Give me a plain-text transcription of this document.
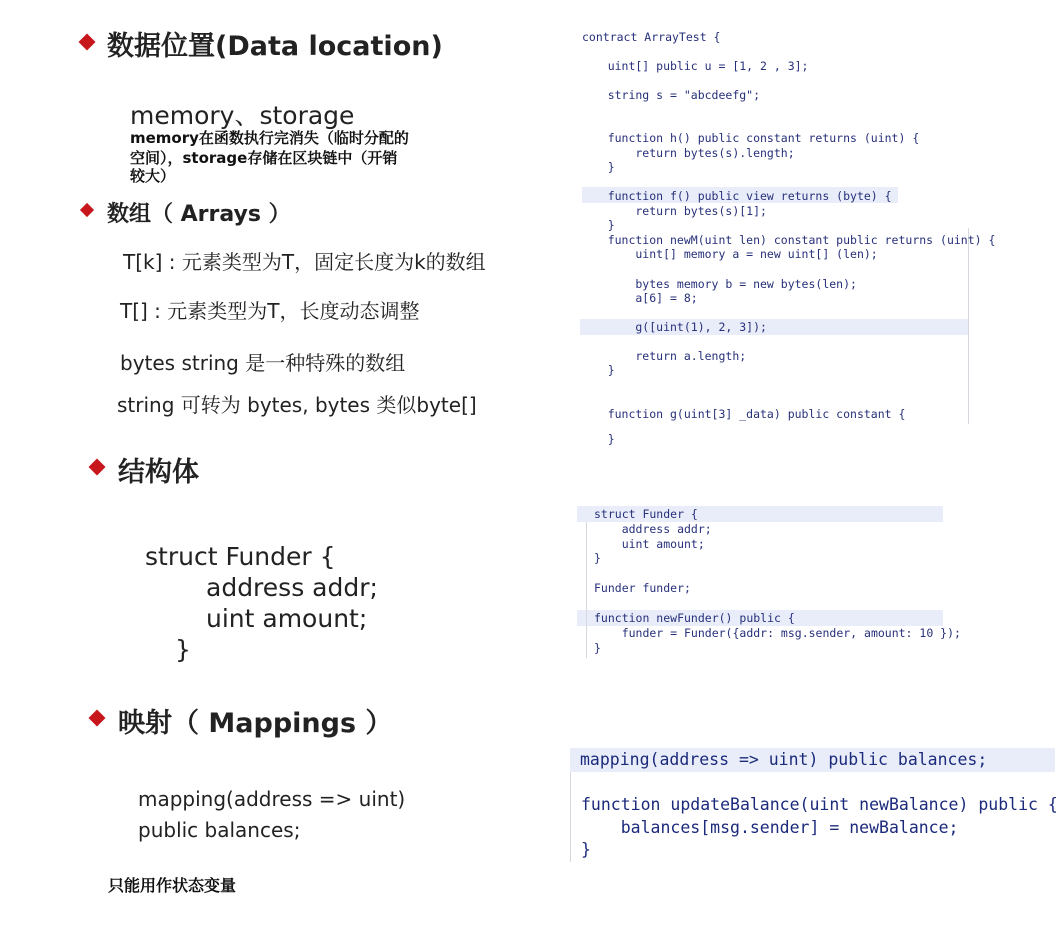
数据位置(Data location)
memory、storage
memory在函数执行完消失（临时分配的
空间），storage存储在区块链中（开销
较大）
数组（ Arrays ）
T[k] : 元素类型为T，固定长度为k的数组
T[] : 元素类型为T，长度动态调整
bytes string 是一种特殊的数组
string 可转为 bytes, bytes 类似byte[]
结构体
struct Funder {
address addr;
uint amount;
}
映射（ Mappings ）
mapping(address => uint)
public balances;
只能用作状态变量
contract ArrayTest {
uint[] public u = [1, 2 , 3];
string s = "abcdeefg";
function h() public constant returns (uint) {
return bytes(s).length;
}
function f() public view returns (byte) {
return bytes(s)[1];
}
function newM(uint len) constant public returns (uint) {
uint[] memory a = new uint[] (len);
bytes memory b = new bytes(len);
a[6] = 8;
g([uint(1), 2, 3]);
return a.length;
}
function g(uint[3] _data) public constant {
}
struct Funder {
address addr;
uint amount;
}
Funder funder;
function newFunder() public {
funder = Funder({addr: msg.sender, amount: 10 });
}
mapping(address => uint) public balances;
function updateBalance(uint newBalance) public {
balances[msg.sender] = newBalance;
}
